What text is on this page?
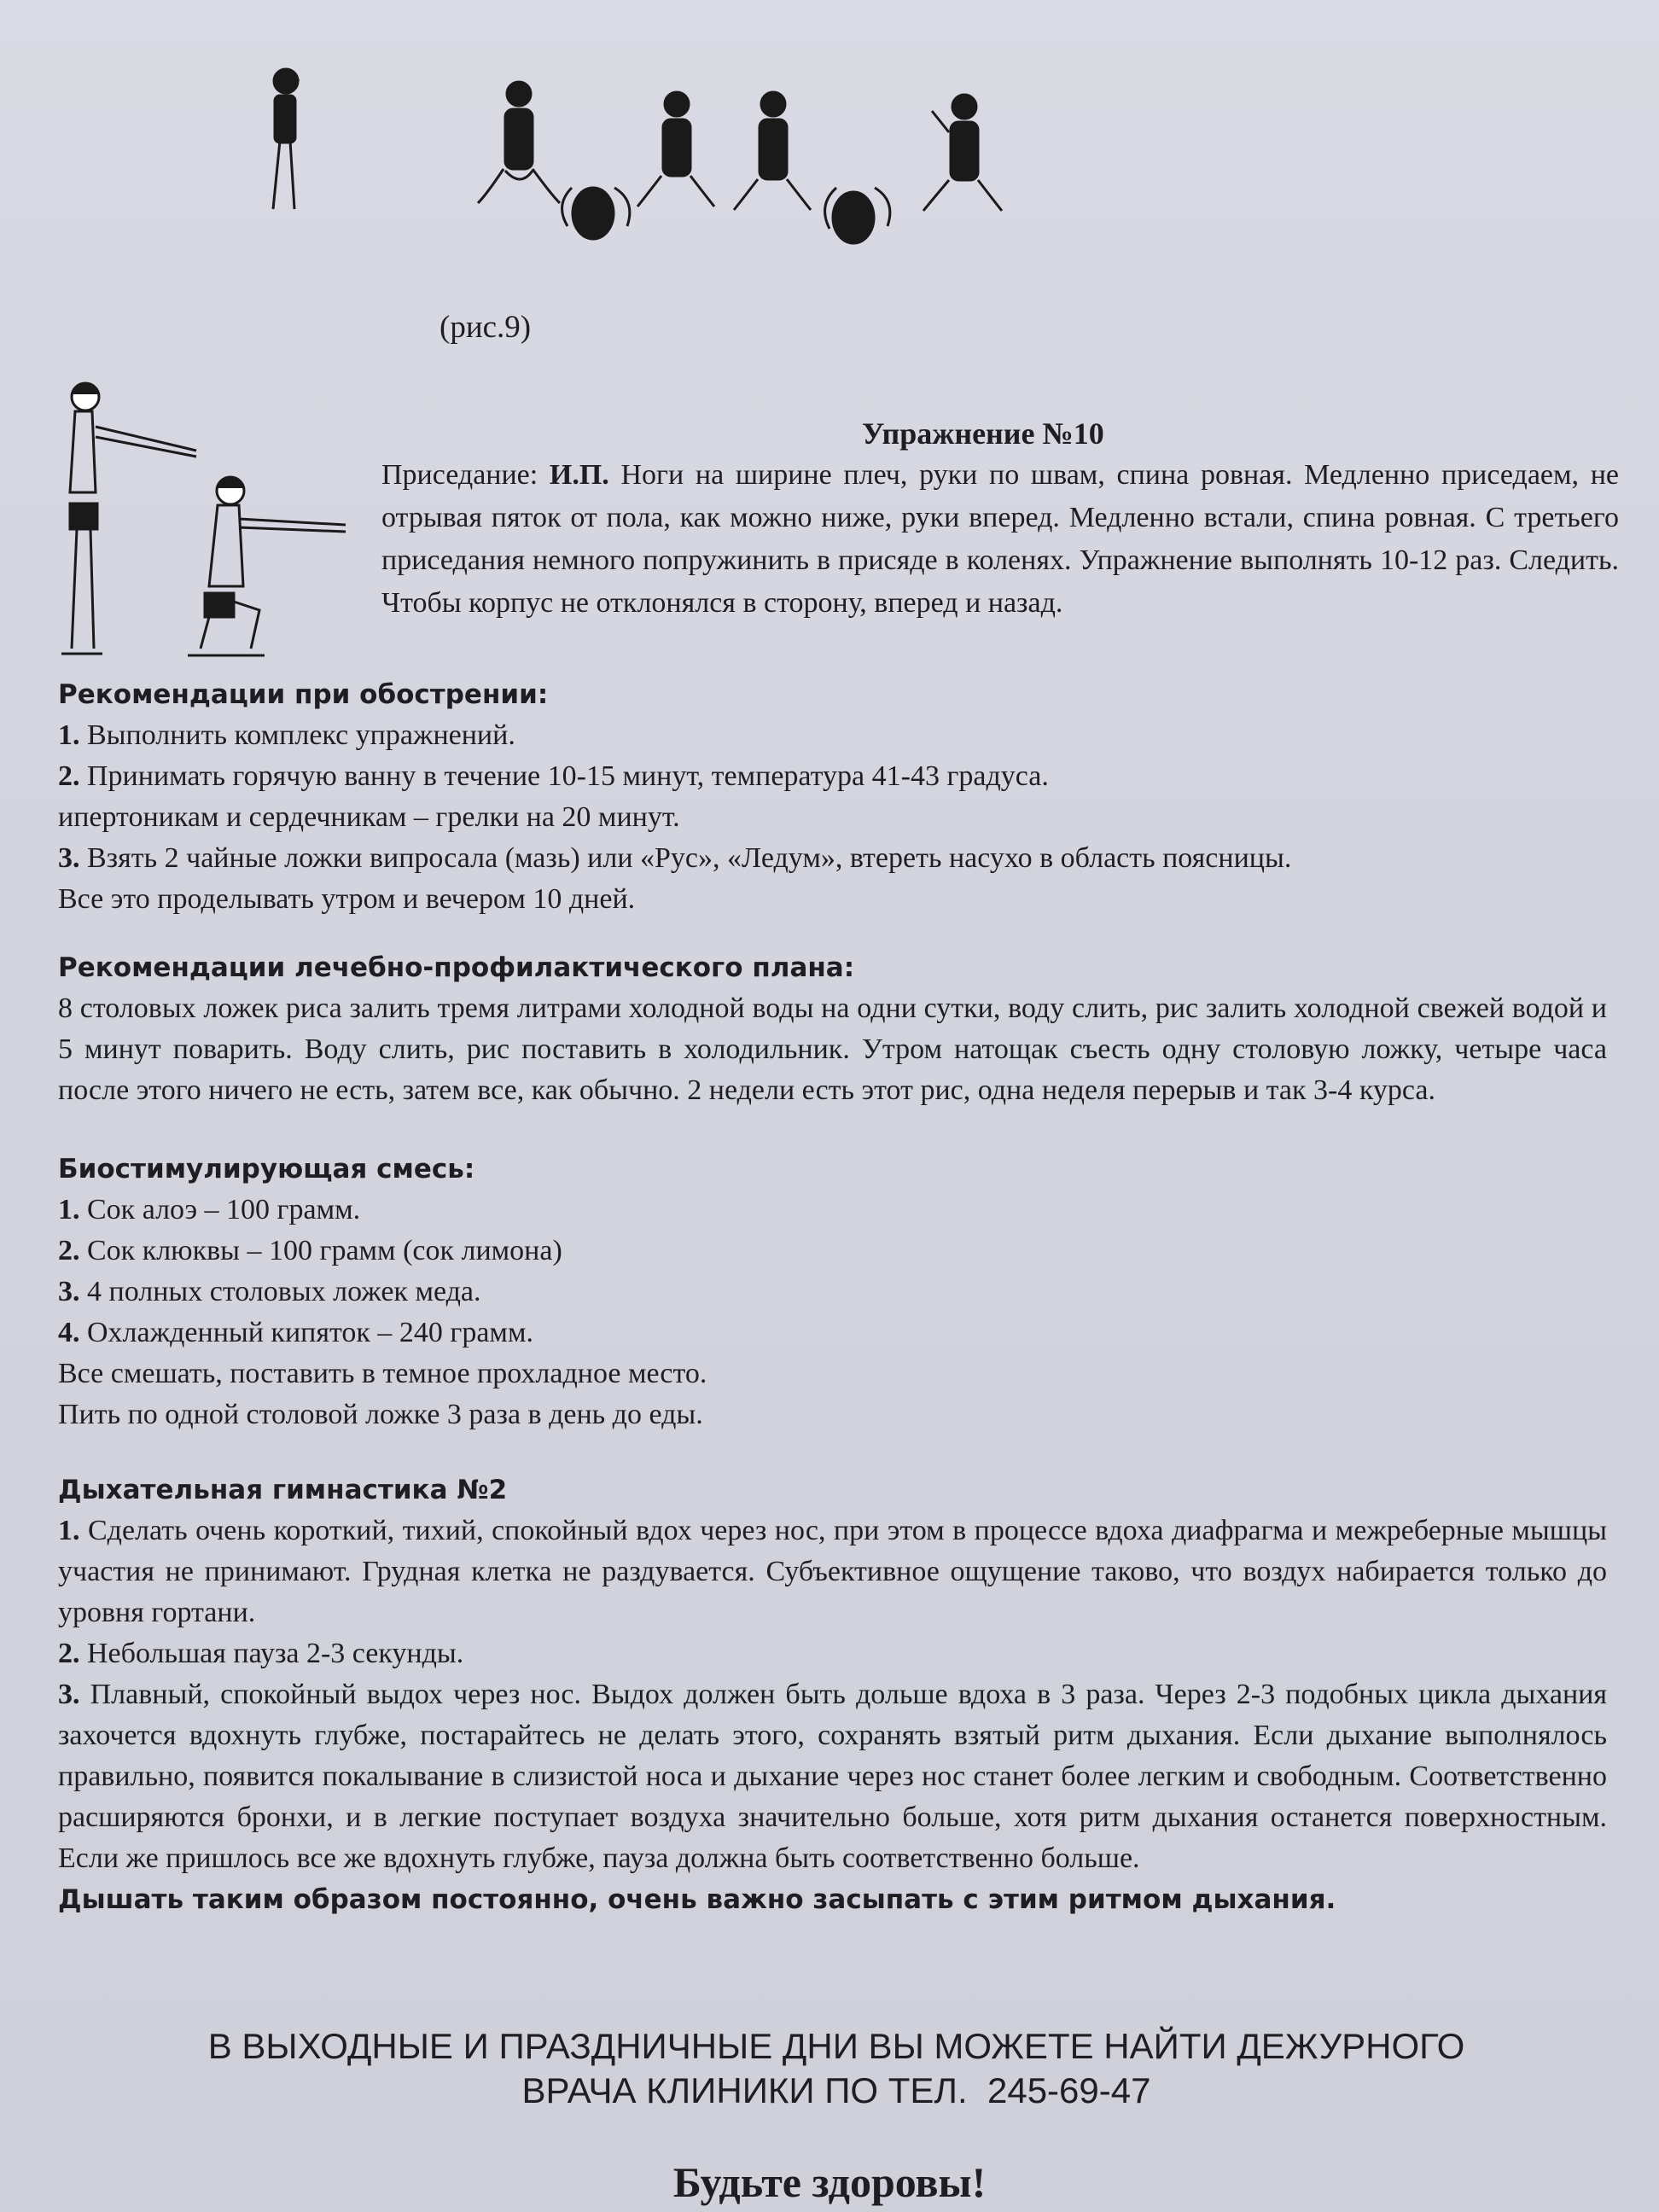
(рис.9)
Упражнение №10
Приседание: И.П. Ноги на ширине плеч, руки по швам, спина ровная. Медленно приседаем, не отрывая пяток от пола, как можно ниже, руки вперед. Медленно встали, спина ровная. С третьего приседания немного попружинить в присяде в коленях. Упражнение выполнять 10-12 раз. Следить. Чтобы корпус не отклонялся в сторону, вперед и назад.
Рекомендации при обострении:
1. Выполнить комплекс упражнений.
2. Принимать горячую ванну в течение 10-15 минут, температура 41-43 градуса.
ипертоникам и сердечникам – грелки на 20 минут.
3. Взять 2 чайные ложки випросала (мазь) или «Рус», «Ледум», втереть насухо в область поясницы.
Все это проделывать утром и вечером 10 дней.
Рекомендации лечебно-профилактического плана:
8 столовых ложек риса залить тремя литрами холодной воды на одни сутки, воду слить, рис залить холодной свежей водой и 5 минут поварить. Воду слить, рис поставить в холодильник. Утром натощак съесть одну столовую ложку, четыре часа после этого ничего не есть, затем все, как обычно. 2 недели есть этот рис, одна неделя перерыв и так 3-4 курса.
Биостимулирующая смесь:
1. Сок алоэ – 100 грамм.
2. Сок клюквы – 100 грамм (сок лимона)
3. 4 полных столовых ложек меда.
4. Охлажденный кипяток – 240 грамм.
Все смешать, поставить в темное прохладное место.
Пить по одной столовой ложке 3 раза в день до еды.
Дыхательная гимнастика №2
1. Сделать очень короткий, тихий, спокойный вдох через нос, при этом в процессе вдоха диафрагма и межреберные мышцы участия не принимают. Грудная клетка не раздувается. Субъективное ощущение таково, что воздух набирается только до уровня гортани.
2. Небольшая пауза 2-3 секунды.
3. Плавный, спокойный выдох через нос. Выдох должен быть дольше вдоха в 3 раза. Через 2-3 подобных цикла дыхания захочется вдохнуть глубже, постарайтесь не делать этого, сохранять взятый ритм дыхания. Если дыхание выполнялось правильно, появится покалывание в слизистой носа и дыхание через нос станет более легким и свободным. Соответственно расширяются бронхи, и в легкие поступает воздуха значительно больше, хотя ритм дыхания останется поверхностным. Если же пришлось все же вдохнуть глубже, пауза должна быть соответственно больше.
Дышать таким образом постоянно, очень важно засыпать с этим ритмом дыхания.
В ВЫХОДНЫЕ И ПРАЗДНИЧНЫЕ ДНИ ВЫ МОЖЕТЕ НАЙТИ ДЕЖУРНОГО
ВРАЧА КЛИНИКИ ПО ТЕЛ. 245-69-47
Будьте здоровы!
